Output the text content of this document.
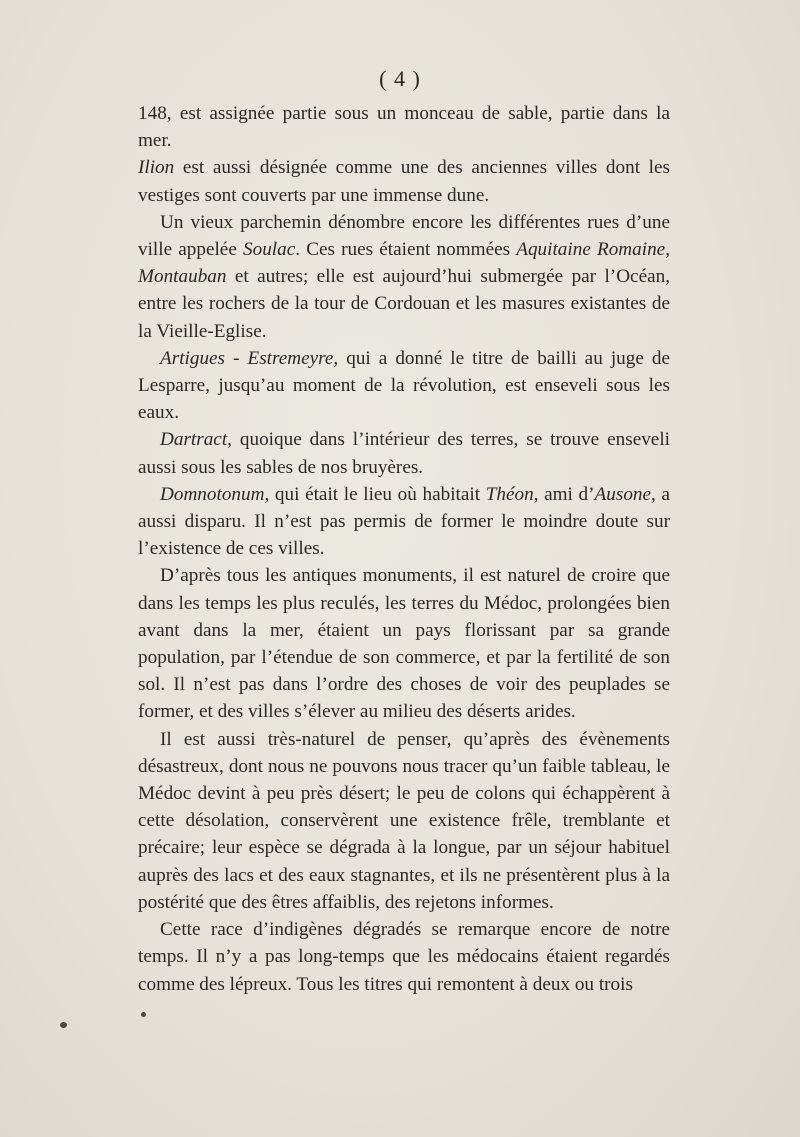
( 4 )

148, est assignée partie sous un monceau de sable, partie dans la mer.

Ilion est aussi désignée comme une des anciennes villes dont les vestiges sont couverts par une immense dune.

Un vieux parchemin dénombre encore les différentes rues d’une ville appelée Soulac. Ces rues étaient nommées Aquitaine Romaine, Montauban et autres; elle est aujourd’hui submergée par l’Océan, entre les rochers de la tour de Cordouan et les masures existantes de la Vieille-Eglise.

Artigues - Estremeyre, qui a donné le titre de bailli au juge de Lesparre, jusqu’au moment de la révolution, est enseveli sous les eaux.

Dartract, quoique dans l’intérieur des terres, se trouve enseveli aussi sous les sables de nos bruyères.

Domnotonum, qui était le lieu où habitait Théon, ami d’Ausone, a aussi disparu. Il n’est pas permis de former le moindre doute sur l’existence de ces villes.

D’après tous les antiques monuments, il est naturel de croire que dans les temps les plus reculés, les terres du Médoc, prolongées bien avant dans la mer, étaient un pays florissant par sa grande population, par l’étendue de son commerce, et par la fertilité de son sol. Il n’est pas dans l’ordre des choses de voir des peuplades se former, et des villes s’élever au milieu des déserts arides.

Il est aussi très-naturel de penser, qu’après des évènements désastreux, dont nous ne pouvons nous tracer qu’un faible tableau, le Médoc devint à peu près désert; le peu de colons qui échappèrent à cette désolation, conservèrent une existence frêle, tremblante et précaire; leur espèce se dégrada à la longue, par un séjour habituel auprès des lacs et des eaux stagnantes, et ils ne présentèrent plus à la postérité que des êtres affaiblis, des rejetons informes.

Cette race d’indigènes dégradés se remarque encore de notre temps. Il n’y a pas long-temps que les médocains étaient regardés comme des lépreux. Tous les titres qui remontent à deux ou trois
